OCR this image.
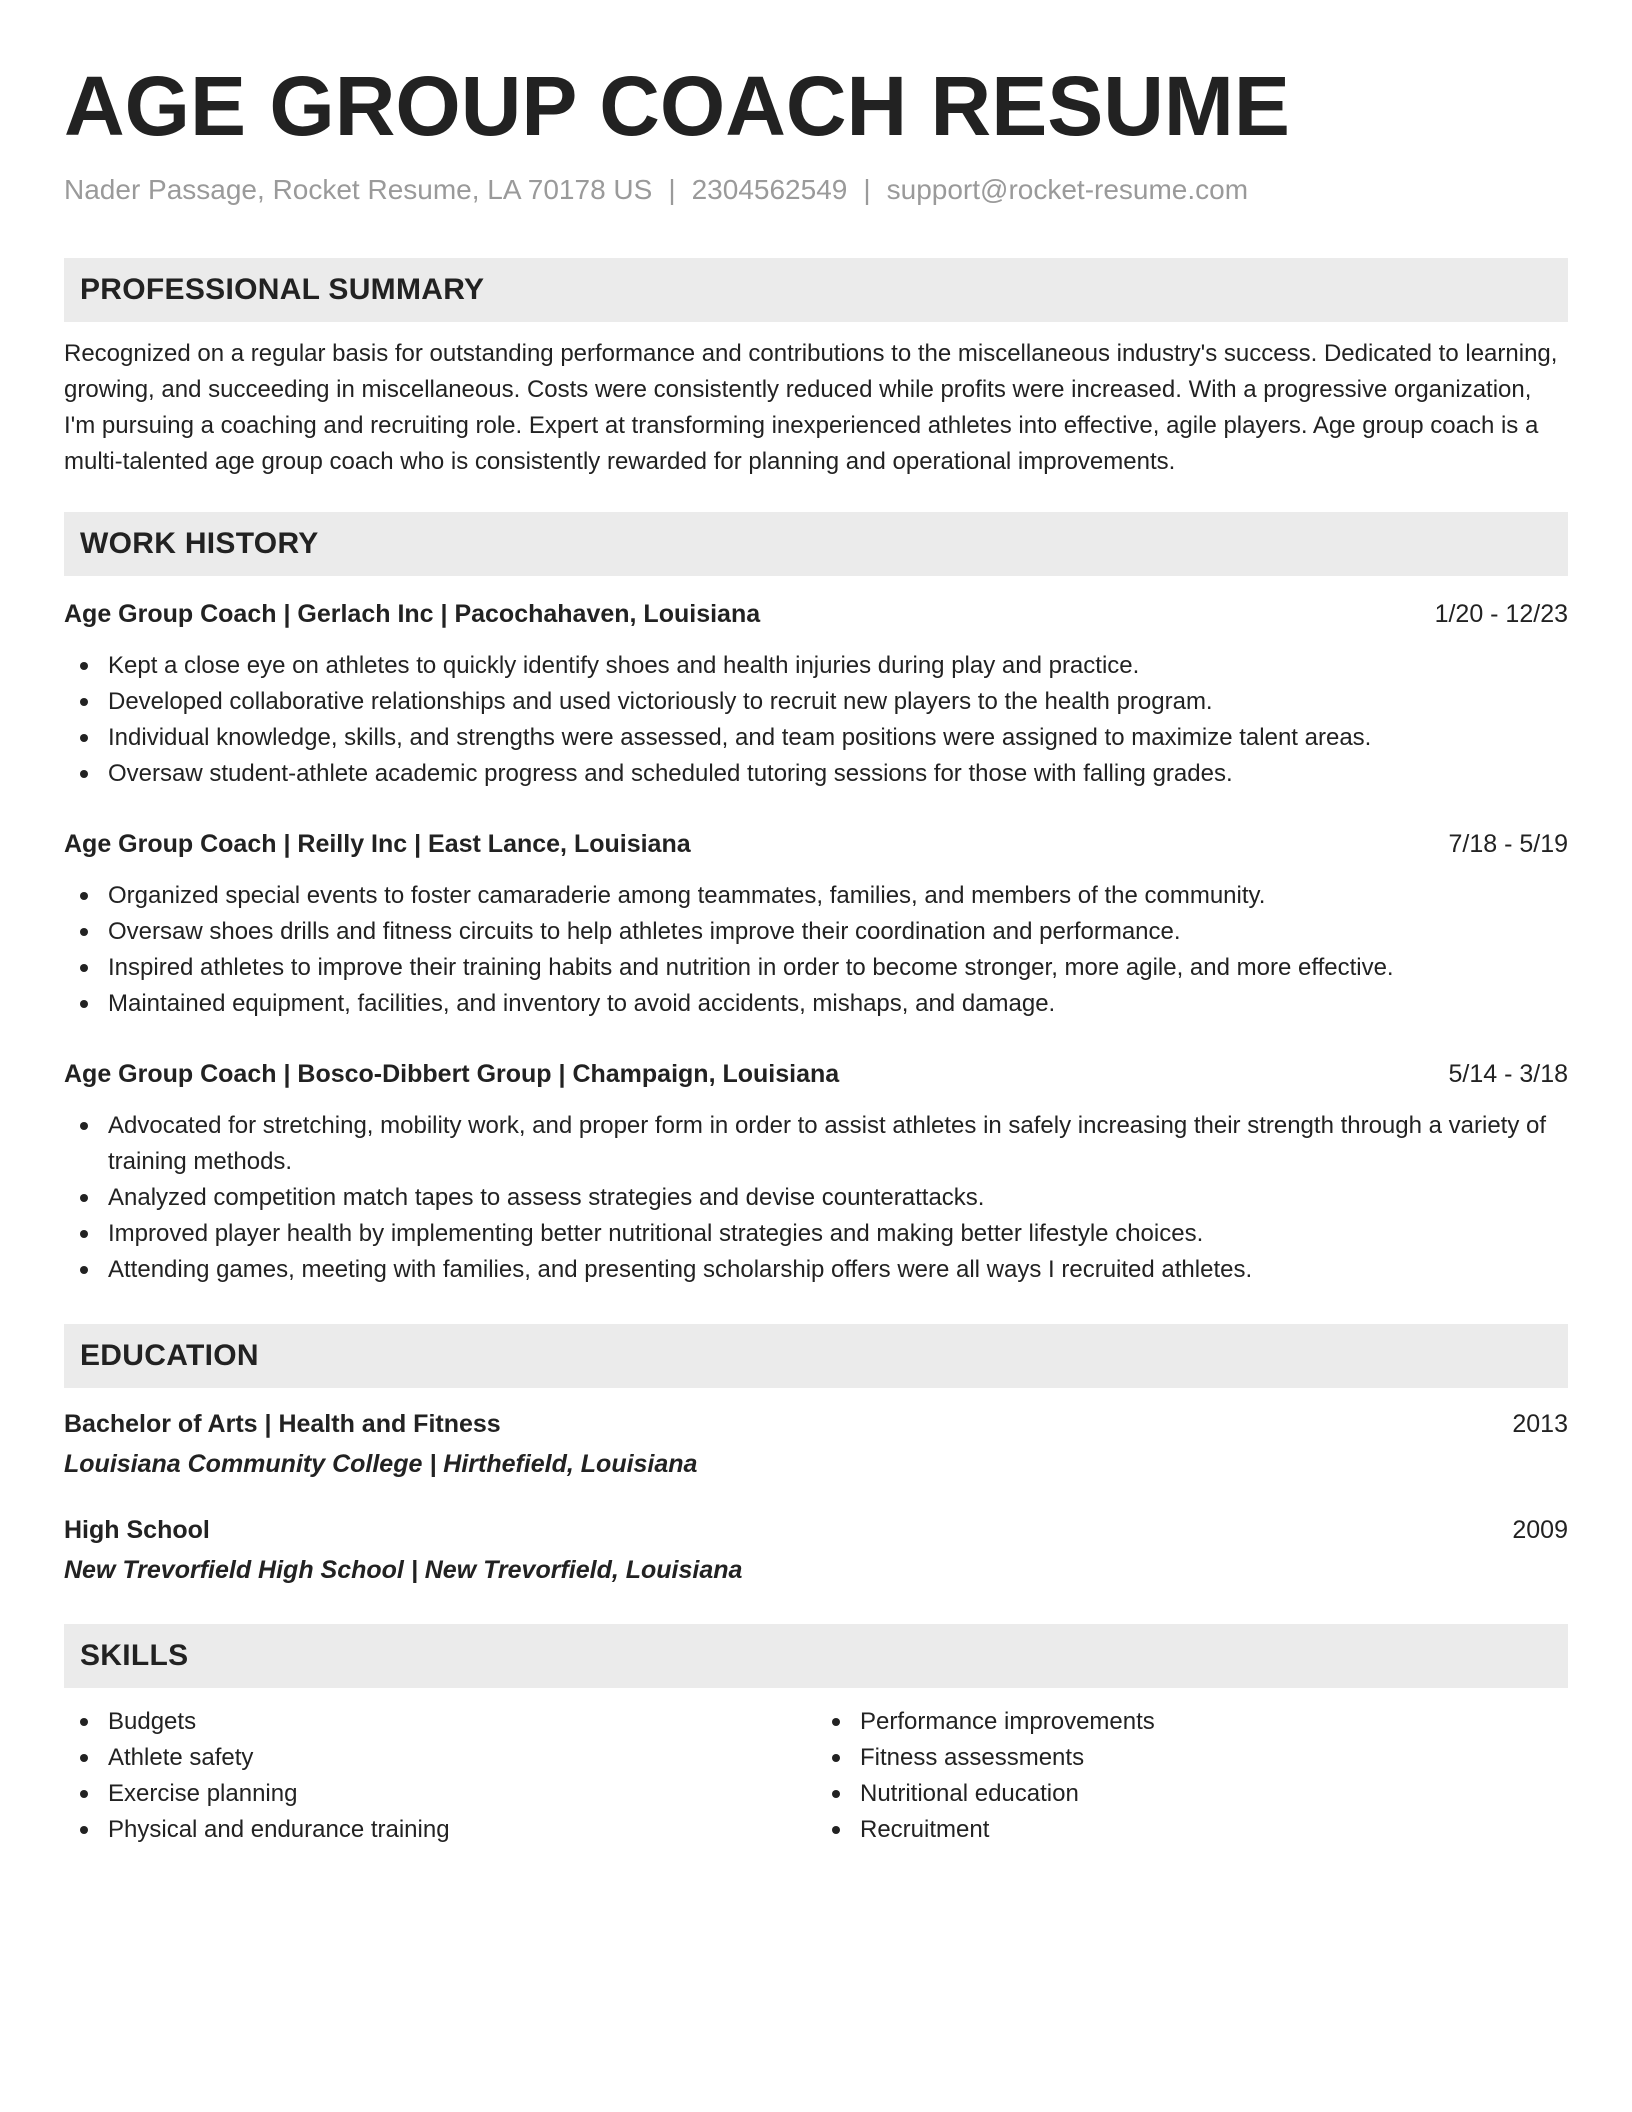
AGE GROUP COACH RESUME
Nader Passage, Rocket Resume, LA 70178 US | 2304562549 | support@rocket-resume.com
PROFESSIONAL SUMMARY
Recognized on a regular basis for outstanding performance and contributions to the miscellaneous industry's success. Dedicated to learning, growing, and succeeding in miscellaneous. Costs were consistently reduced while profits were increased. With a progressive organization, I'm pursuing a coaching and recruiting role. Expert at transforming inexperienced athletes into effective, agile players. Age group coach is a multi-talented age group coach who is consistently rewarded for planning and operational improvements.
WORK HISTORY
Age Group Coach | Gerlach Inc | Pacochahaven, Louisiana	1/20 - 12/23
Kept a close eye on athletes to quickly identify shoes and health injuries during play and practice.
Developed collaborative relationships and used victoriously to recruit new players to the health program.
Individual knowledge, skills, and strengths were assessed, and team positions were assigned to maximize talent areas.
Oversaw student-athlete academic progress and scheduled tutoring sessions for those with falling grades.
Age Group Coach | Reilly Inc | East Lance, Louisiana	7/18 - 5/19
Organized special events to foster camaraderie among teammates, families, and members of the community.
Oversaw shoes drills and fitness circuits to help athletes improve their coordination and performance.
Inspired athletes to improve their training habits and nutrition in order to become stronger, more agile, and more effective.
Maintained equipment, facilities, and inventory to avoid accidents, mishaps, and damage.
Age Group Coach | Bosco-Dibbert Group | Champaign, Louisiana	5/14 - 3/18
Advocated for stretching, mobility work, and proper form in order to assist athletes in safely increasing their strength through a variety of training methods.
Analyzed competition match tapes to assess strategies and devise counterattacks.
Improved player health by implementing better nutritional strategies and making better lifestyle choices.
Attending games, meeting with families, and presenting scholarship offers were all ways I recruited athletes.
EDUCATION
Bachelor of Arts | Health and Fitness	2013
Louisiana Community College | Hirthefield, Louisiana
High School	2009
New Trevorfield High School | New Trevorfield, Louisiana
SKILLS
Budgets
Athlete safety
Exercise planning
Physical and endurance training
Performance improvements
Fitness assessments
Nutritional education
Recruitment
